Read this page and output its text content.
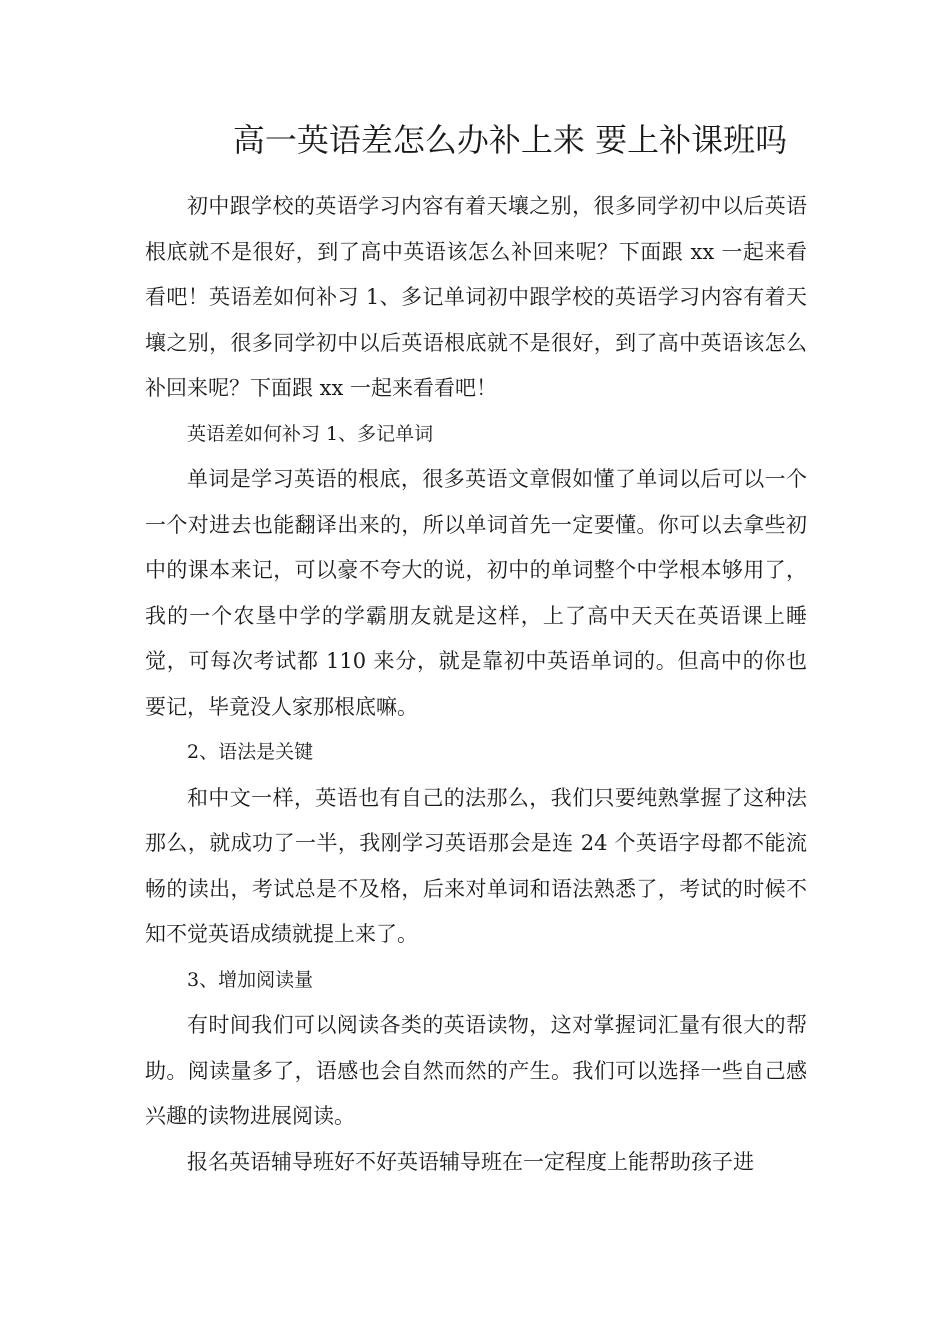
高一英语差怎么办补上来 要上补课班吗

初中跟学校的英语学习内容有着天壤之别，很多同学初中以后英语根底就不是很好，到了高中英语该怎么补回来呢？下面跟 xx 一起来看看吧！英语差如何补习 1、多记单词初中跟学校的英语学习内容有着天壤之别，很多同学初中以后英语根底就不是很好，到了高中英语该怎么补回来呢？下面跟 xx 一起来看看吧！

英语差如何补习 1、多记单词

单词是学习英语的根底，很多英语文章假如懂了单词以后可以一个一个对进去也能翻译出来的，所以单词首先一定要懂。你可以去拿些初中的课本来记，可以豪不夸大的说，初中的单词整个中学根本够用了，我的一个农垦中学的学霸朋友就是这样，上了高中天天在英语课上睡觉，可每次考试都 110 来分，就是靠初中英语单词的。但高中的你也要记，毕竟没人家那根底嘛。

2、语法是关键

和中文一样，英语也有自己的法那么，我们只要纯熟掌握了这种法那么，就成功了一半，我刚学习英语那会是连 24 个英语字母都不能流畅的读出，考试总是不及格，后来对单词和语法熟悉了，考试的时候不知不觉英语成绩就提上来了。

3、增加阅读量

有时间我们可以阅读各类的英语读物，这对掌握词汇量有很大的帮助。阅读量多了，语感也会自然而然的产生。我们可以选择一些自己感兴趣的读物进展阅读。

报名英语辅导班好不好英语辅导班在一定程度上能帮助孩子进
